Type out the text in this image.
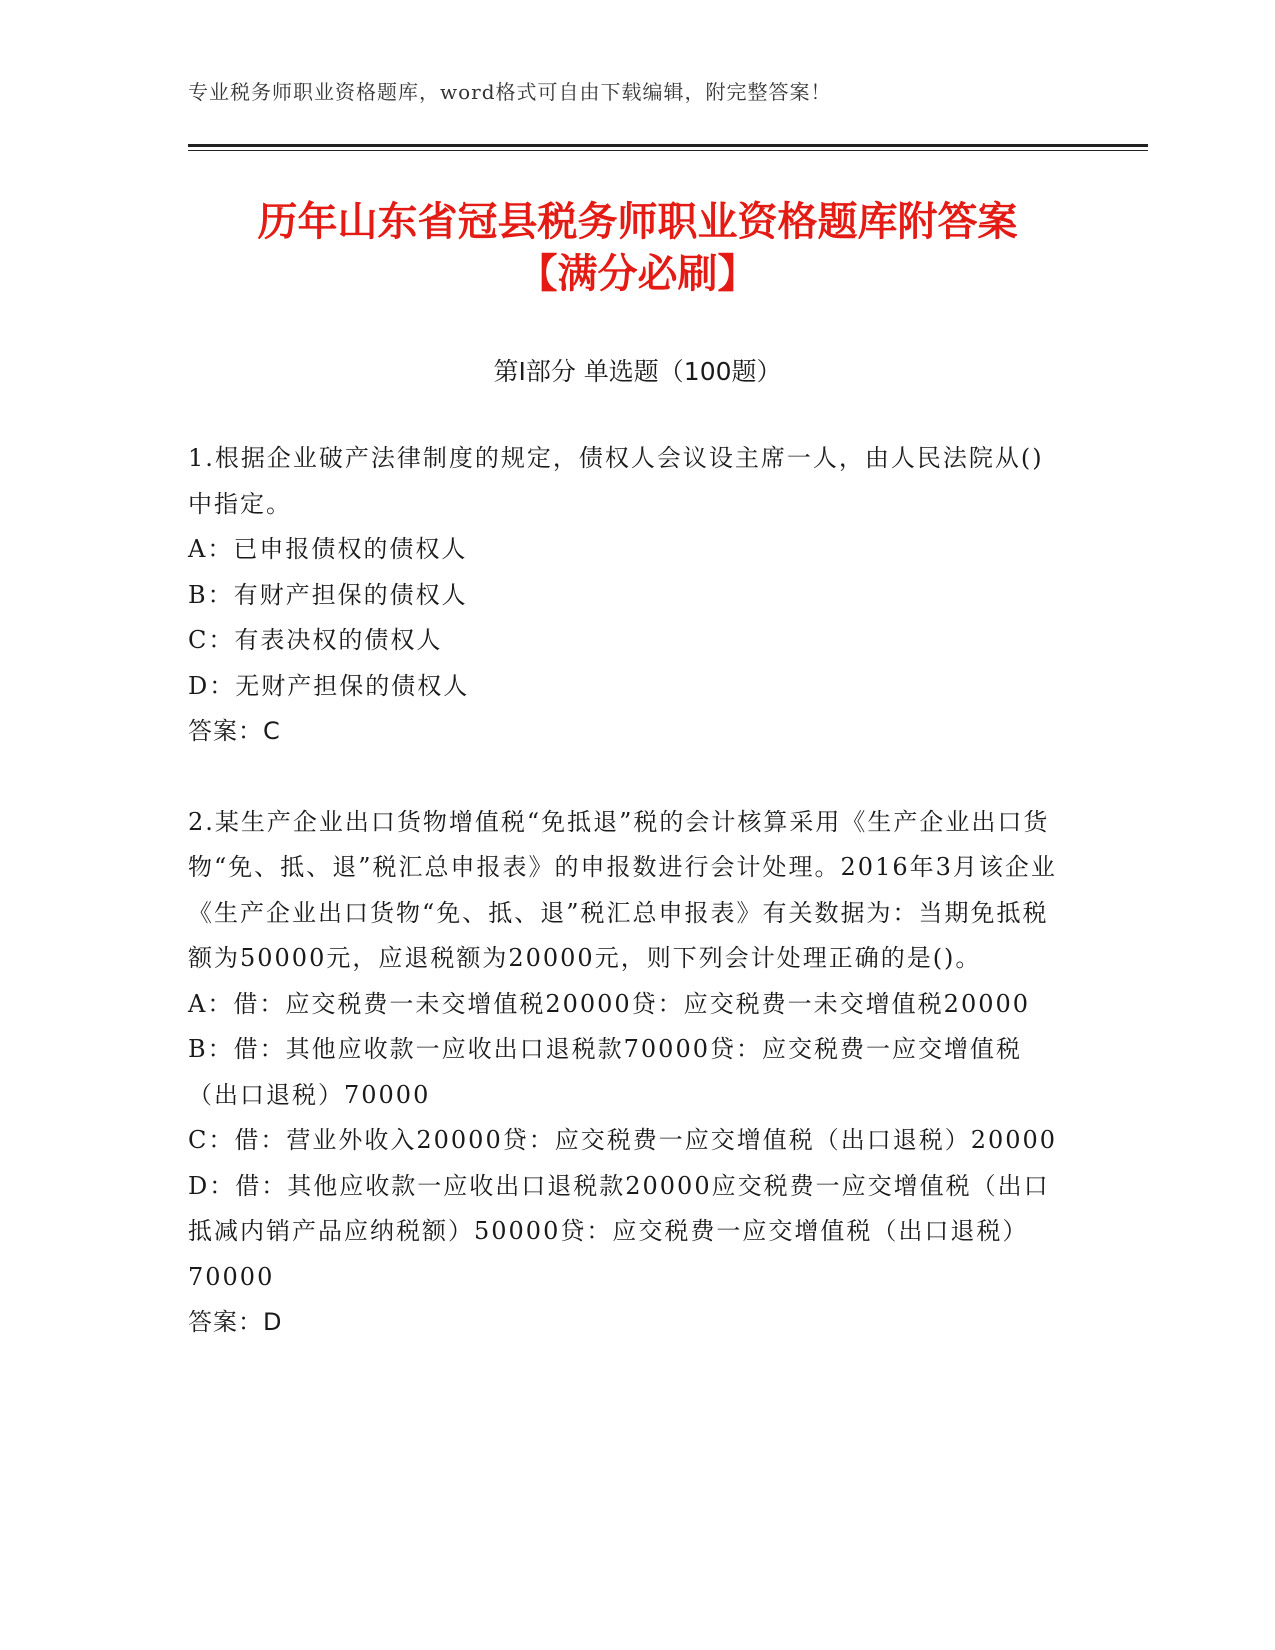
专业税务师职业资格题库，word格式可自由下载编辑，附完整答案！
历年山东省冠县税务师职业资格题库附答案
【满分必刷】
第Ⅰ部分 单选题（100题）

1.根据企业破产法律制度的规定，债权人会议设主席一人，由人民法院从()中指定。

A：已申报债权的债权人

B：有财产担保的债权人

C：有表决权的债权人

D：无财产担保的债权人

答案：C

2.某生产企业出口货物增值税“免抵退”税的会计核算采用《生产企业出口货物“免、抵、退”税汇总申报表》的申报数进行会计处理。2016年3月该企业《生产企业出口货物“免、抵、退”税汇总申报表》有关数据为：当期免抵税额为50000元，应退税额为20000元，则下列会计处理正确的是()。

A：借：应交税费一未交增值税20000贷：应交税费一未交增值税20000

B：借：其他应收款一应收出口退税款70000贷：应交税费一应交增值税（出口退税）70000

C：借：营业外收入20000贷：应交税费一应交增值税（出口退税）20000

D：借：其他应收款一应收出口退税款20000应交税费一应交增值税（出口抵减内销产品应纳税额）50000贷：应交税费一应交增值税（出口退税）70000

答案：D
